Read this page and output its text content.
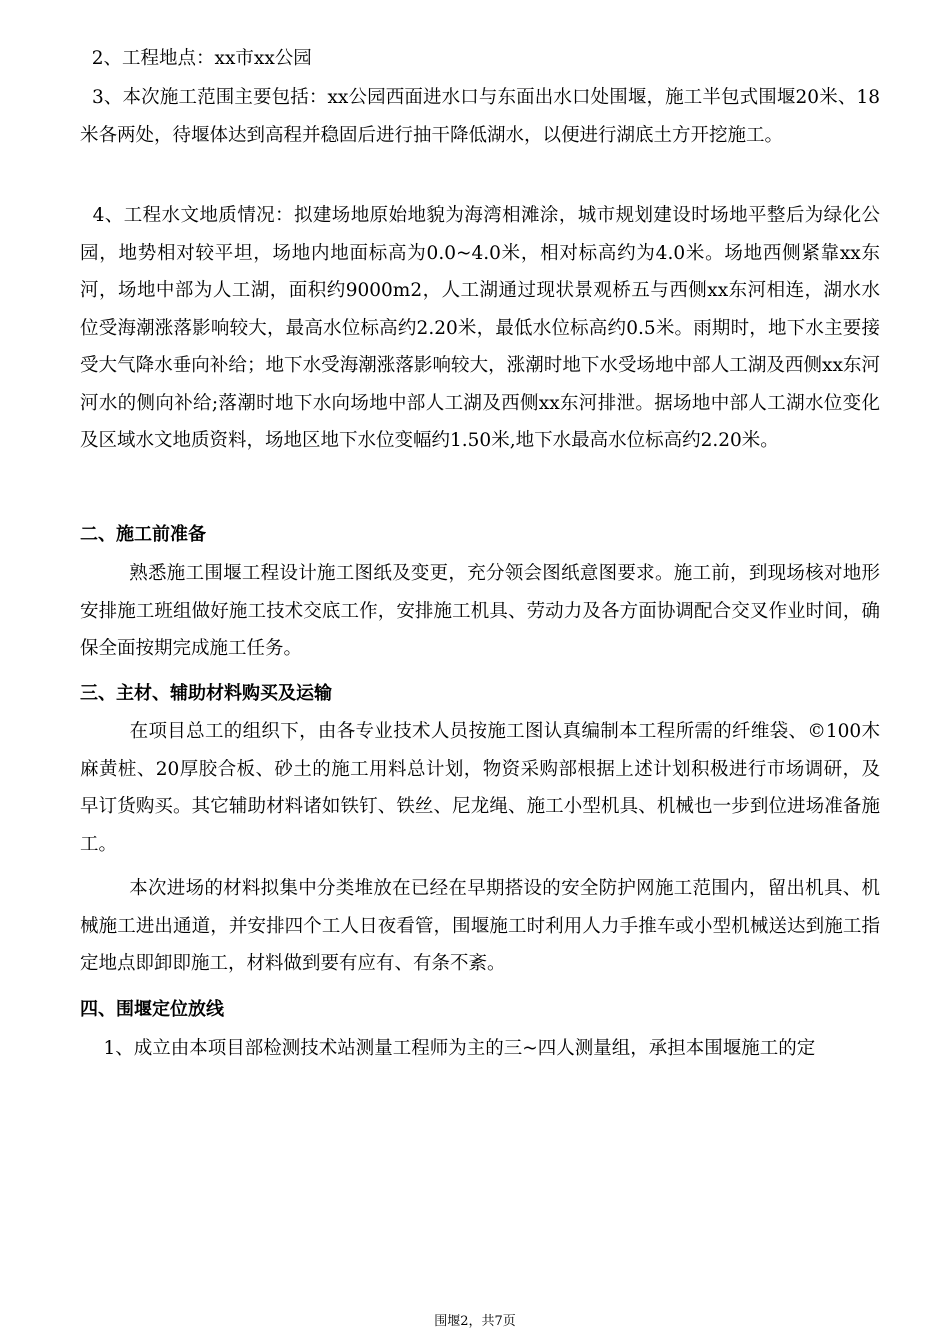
2、工程地点：xx市xx公园

3、本次施工范围主要包括：xx公园西面进水口与东面出水口处围堰，施工半包式围堰20米、18米各两处，待堰体达到高程并稳固后进行抽干降低湖水，以便进行湖底土方开挖施工。

4、工程水文地质情况：拟建场地原始地貌为海湾相滩涂，城市规划建设时场地平整后为绿化公园，地势相对较平坦，场地内地面标高为0.0~4.0米，相对标高约为4.0米。场地西侧紧靠xx东河，场地中部为人工湖，面积约9000m2，人工湖通过现状景观桥五与西侧xx东河相连，湖水水位受海潮涨落影响较大，最高水位标高约2.20米，最低水位标高约0.5米。雨期时，地下水主要接受大气降水垂向补给；地下水受海潮涨落影响较大，涨潮时地下水受场地中部人工湖及西侧xx东河河水的侧向补给;落潮时地下水向场地中部人工湖及西侧xx东河排泄。据场地中部人工湖水位变化及区域水文地质资料，场地区地下水位变幅约1.50米,地下水最高水位标高约2.20米。

二、施工前准备

熟悉施工围堰工程设计施工图纸及变更，充分领会图纸意图要求。施工前，到现场核对地形安排施工班组做好施工技术交底工作，安排施工机具、劳动力及各方面协调配合交叉作业时间，确保全面按期完成施工任务。

三、主材、辅助材料购买及运输

在项目总工的组织下，由各专业技术人员按施工图认真编制本工程所需的纤维袋、©100木麻黄桩、20厚胶合板、砂土的施工用料总计划，物资采购部根据上述计划积极进行市场调研，及早订货购买。其它辅助材料诸如铁钉、铁丝、尼龙绳、施工小型机具、机械也一步到位进场准备施工。

本次进场的材料拟集中分类堆放在已经在早期搭设的安全防护网施工范围内，留出机具、机械施工进出通道，并安排四个工人日夜看管，围堰施工时利用人力手推车或小型机械送达到施工指定地点即卸即施工，材料做到要有应有、有条不紊。

四、围堰定位放线

1、成立由本项目部检测技术站测量工程师为主的三~四人测量组，承担本围堰施工的定

围堰2，共7页
